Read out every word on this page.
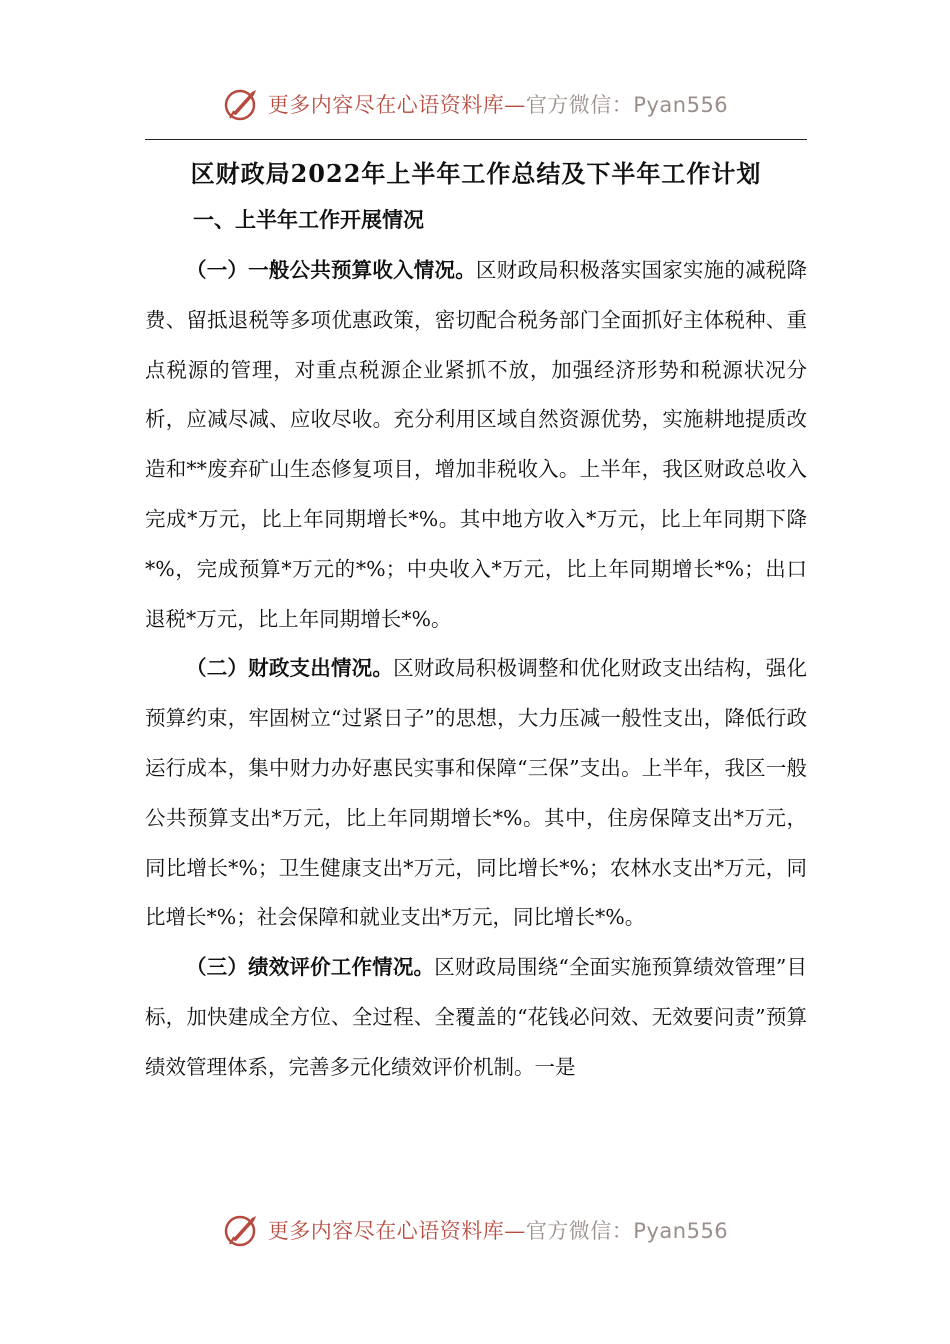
更多内容尽在心语资料库—官方微信：Pyan556
区财政局2022年上半年工作总结及下半年工作计划
一、上半年工作开展情况

（一）一般公共预算收入情况。区财政局积极落实国家实施的减税降费、留抵退税等多项优惠政策，密切配合税务部门全面抓好主体税种、重点税源的管理，对重点税源企业紧抓不放，加强经济形势和税源状况分析，应减尽减、应收尽收。充分利用区域自然资源优势，实施耕地提质改造和**废弃矿山生态修复项目，增加非税收入。上半年，我区财政总收入完成*万元，比上年同期增长*%。其中地方收入*万元，比上年同期下降*%，完成预算*万元的*%；中央收入*万元，比上年同期增长*%；出口退税*万元，比上年同期增长*%。

（二）财政支出情况。区财政局积极调整和优化财政支出结构，强化预算约束，牢固树立“过紧日子”的思想，大力压减一般性支出，降低行政运行成本，集中财力办好惠民实事和保障“三保”支出。上半年，我区一般公共预算支出*万元，比上年同期增长*%。其中，住房保障支出*万元，同比增长*%；卫生健康支出*万元，同比增长*%；农林水支出*万元，同比增长*%；社会保障和就业支出*万元，同比增长*%。

（三）绩效评价工作情况。区财政局围绕“全面实施预算绩效管理”目标，加快建成全方位、全过程、全覆盖的“花钱必问效、无效要问责”预算绩效管理体系，完善多元化绩效评价机制。一是

更多内容尽在心语资料库—官方微信：Pyan556
